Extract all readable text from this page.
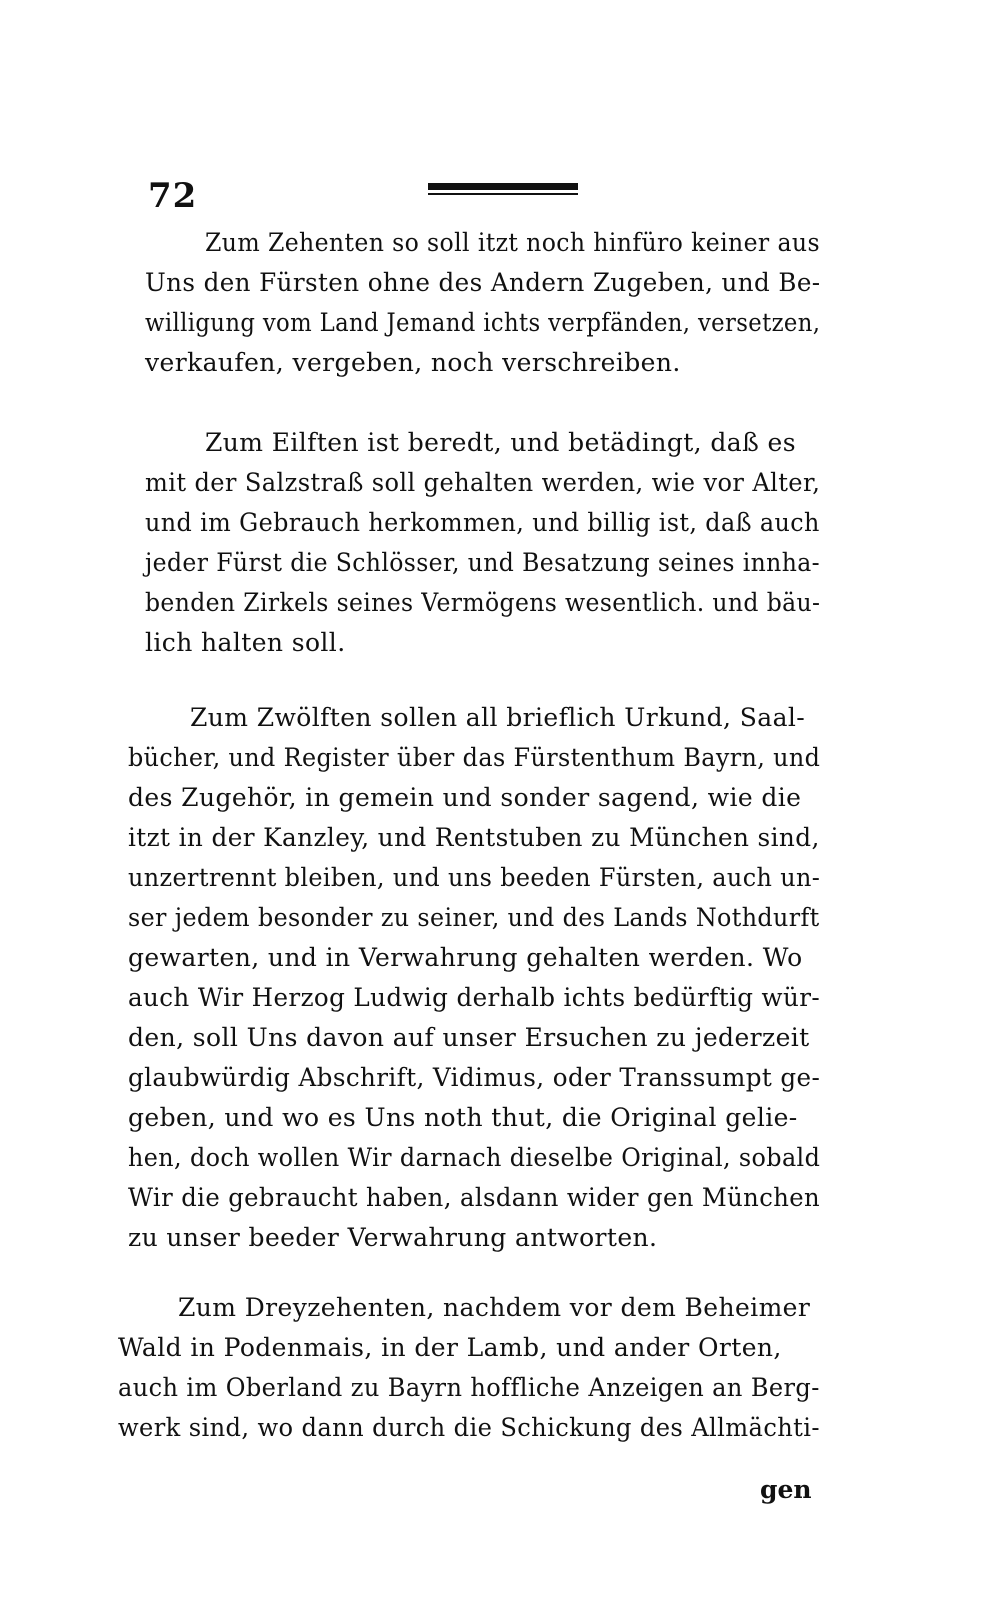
72
Zum Zehenten so soll itzt noch hinfüro keiner aus
Uns den Fürsten ohne des Andern Zugeben, und Be-
willigung vom Land Jemand ichts verpfänden, versetzen,
verkaufen, vergeben, noch verschreiben.
Zum Eilften ist beredt, und betädingt, daß es
mit der Salzstraß soll gehalten werden, wie vor Alter,
und im Gebrauch herkommen, und billig ist, daß auch
jeder Fürst die Schlösser, und Besatzung seines innha-
benden Zirkels seines Vermögens wesentlich. und bäu-
lich halten soll.
Zum Zwölften sollen all brieflich Urkund, Saal-
bücher, und Register über das Fürstenthum Bayrn, und
des Zugehör, in gemein und sonder sagend, wie die
itzt in der Kanzley, und Rentstuben zu München sind,
unzertrennt bleiben, und uns beeden Fürsten, auch un-
ser jedem besonder zu seiner, und des Lands Nothdurft
gewarten, und in Verwahrung gehalten werden. Wo
auch Wir Herzog Ludwig derhalb ichts bedürftig wür-
den, soll Uns davon auf unser Ersuchen zu jederzeit
glaubwürdig Abschrift, Vidimus, oder Transsumpt ge-
geben, und wo es Uns noth thut, die Original gelie-
hen, doch wollen Wir darnach dieselbe Original, sobald
Wir die gebraucht haben, alsdann wider gen München
zu unser beeder Verwahrung antworten.
Zum Dreyzehenten, nachdem vor dem Beheimer
Wald in Podenmais, in der Lamb, und ander Orten,
auch im Oberland zu Bayrn hoffliche Anzeigen an Berg-
werk sind, wo dann durch die Schickung des Allmächti-
gen
